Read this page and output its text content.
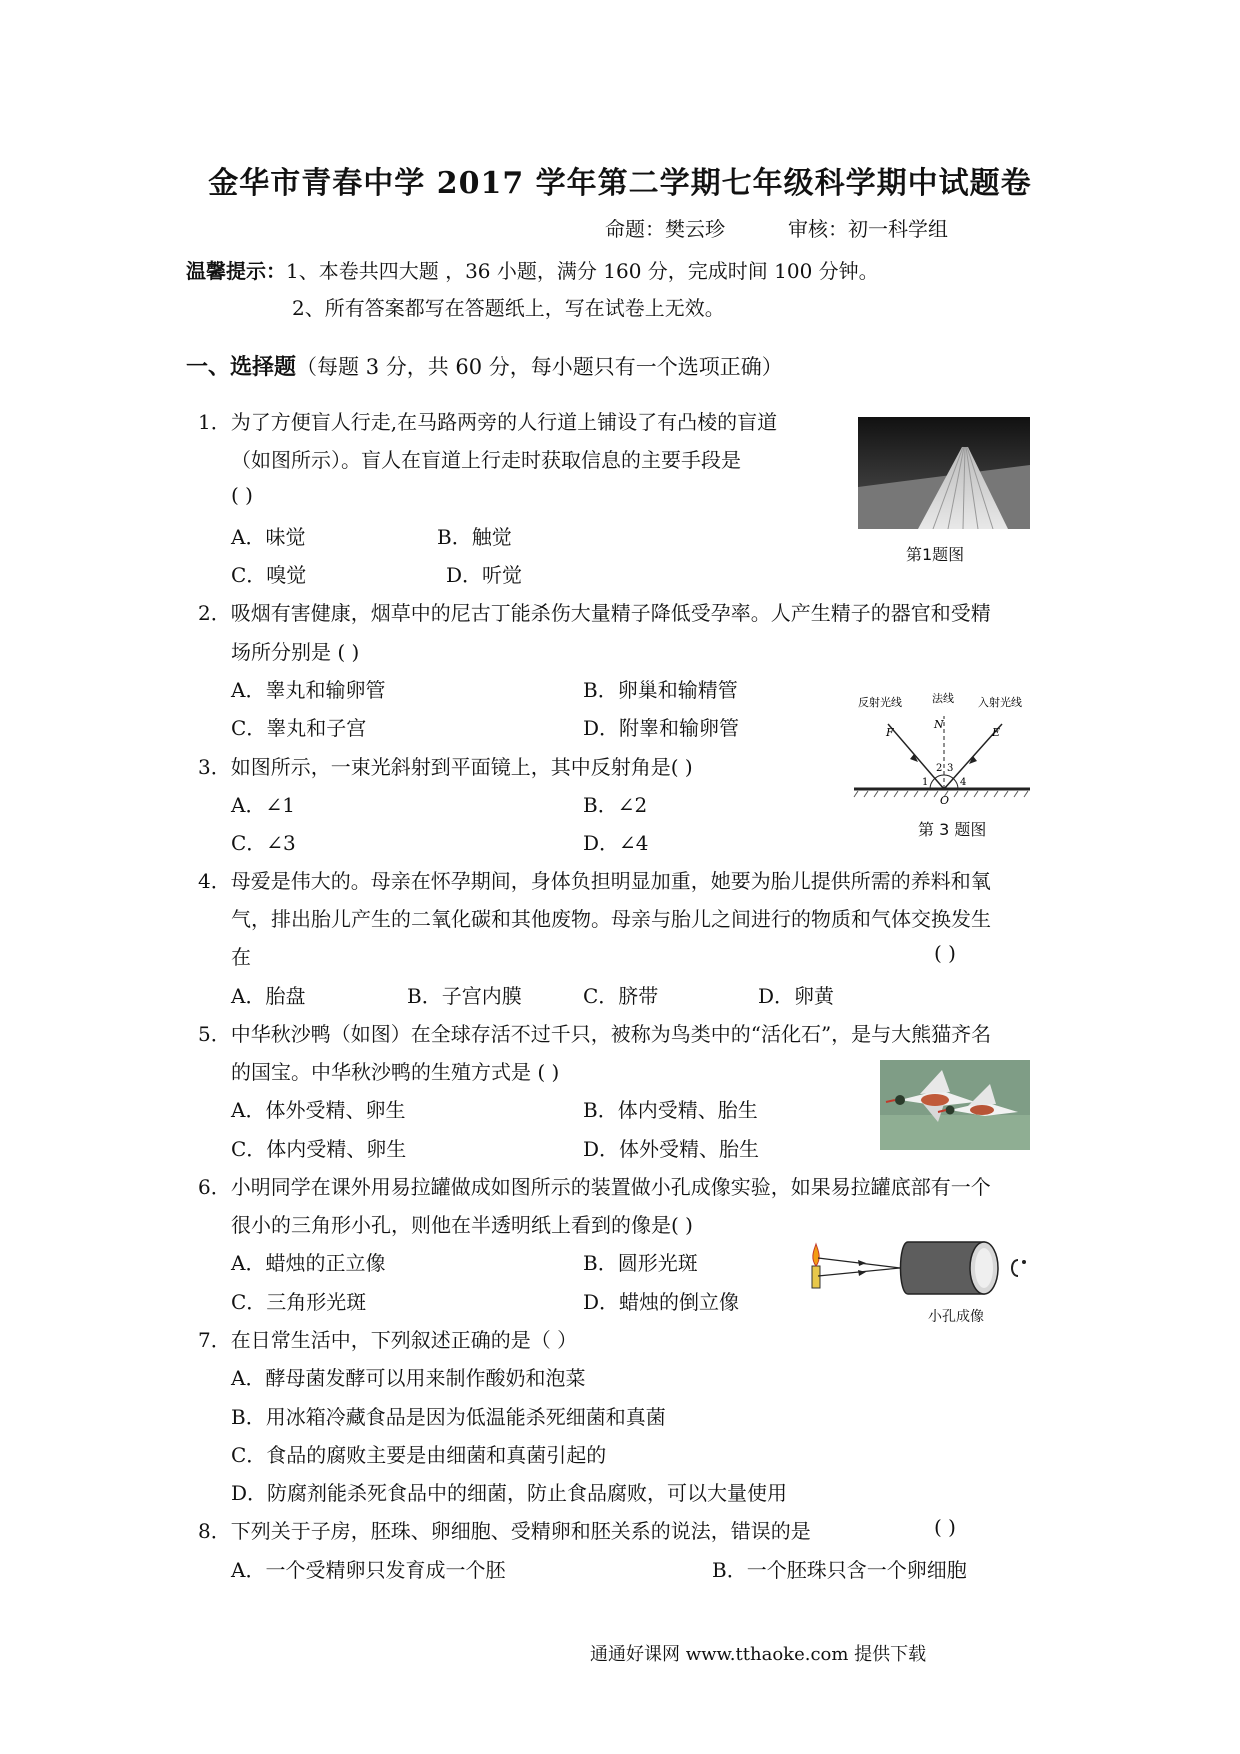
金华市青春中学 2017 学年第二学期七年级科学期中试题卷
命题：樊云珍	审核：初一科学组
温馨提示：1、本卷共四大题 ，36 小题，满分 160 分，完成时间 100 分钟。
2、所有答案都写在答题纸上，写在试卷上无效。
一、选择题（每题 3 分，共 60 分，每小题只有一个选项正确）
1．为了方便盲人行走,在马路两旁的人行道上铺设了有凸棱的盲道
（如图所示）。盲人在盲道上行走时获取信息的主要手段是
( )
A．味觉	B．触觉
C．嗅觉	D．听觉
第1题图
2．吸烟有害健康，烟草中的尼古丁能杀伤大量精子降低受孕率。人产生精子的器官和受精
场所分别是 ( )
A．睾丸和输卵管	B．卵巢和输精管
C．睾丸和子宫	D．附睾和输卵管
3．如图所示，一束光斜射到平面镜上，其中反射角是( )
A．∠1	B．∠2
C．∠3	D．∠4
反射光线	法线 入射光线
F
N
E
O
1
2 3
4
第 3 题图
4．母爱是伟大的。母亲在怀孕期间，身体负担明显加重，她要为胎儿提供所需的养料和氧
气，排出胎儿产生的二氧化碳和其他废物。母亲与胎儿之间进行的物质和气体交换发生
在	( )
A．胎盘	B．子宫内膜	C．脐带	D．卵黄
5．中华秋沙鸭（如图）在全球存活不过千只，被称为鸟类中的“活化石”，是与大熊猫齐名
的国宝。中华秋沙鸭的生殖方式是 ( )
A．体外受精、卵生	B．体内受精、胎生
C．体内受精、卵生	D．体外受精、胎生
6．小明同学在课外用易拉罐做成如图所示的装置做小孔成像实验，如果易拉罐底部有一个
很小的三角形小孔，则他在半透明纸上看到的像是( )
A．蜡烛的正立像	B．圆形光斑
C．三角形光斑	D．蜡烛的倒立像
小孔成像
7．在日常生活中，下列叙述正确的是（ ）
A．酵母菌发酵可以用来制作酸奶和泡菜
B．用冰箱冷藏食品是因为低温能杀死细菌和真菌
C．食品的腐败主要是由细菌和真菌引起的
D．防腐剂能杀死食品中的细菌，防止食品腐败，可以大量使用
8．下列关于子房，胚珠、卵细胞、受精卵和胚关系的说法，错误的是	( )
A．一个受精卵只发育成一个胚	B．一个胚珠只含一个卵细胞
通通好课网 www.tthaoke.com 提供下载
